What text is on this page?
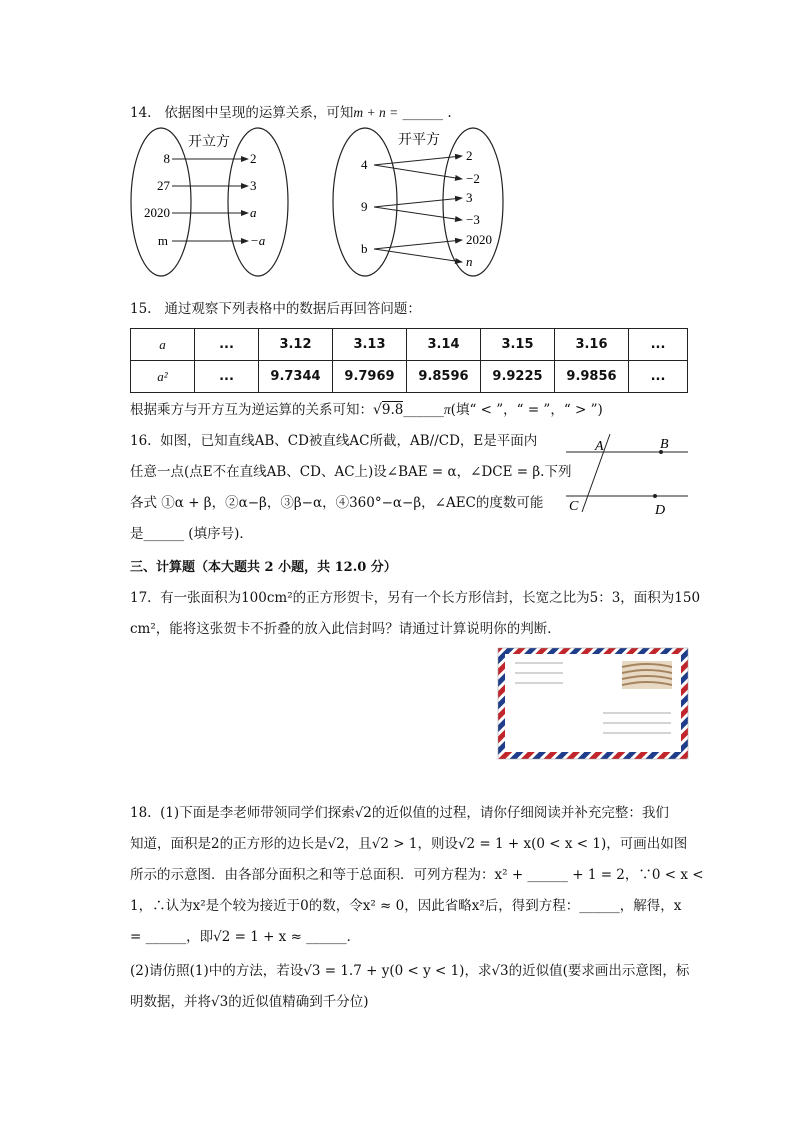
14. 依据图中呈现的运算关系，可知m + n = ______ .
开立方
8
27
2020
m
2
3
a
−a
开平方
4
9
b
2
−2
3
−3
2020
n
15. 通过观察下列表格中的数据后再回答问题：
a	...	3.12	3.13	3.14	3.15	3.16	...
a²	...	9.7344	9.7969	9.8596	9.9225	9.9856	...
根据乘方与开方互为逆运算的关系可知：√9.8______π(填“ < ”，“ = ”，“ > ”)
16. 如图，已知直线AB、CD被直线AC所截，AB//CD，E是平面内
任意一点(点E不在直线AB、CD、AC上)设∠BAE = α，∠DCE = β.下列
各式 ①α + β，②α−β，③β−α，④360°−α−β，∠AEC的度数可能
是______ (填序号)．
A	B
C	D
三、计算题（本大题共 2 小题，共 12.0 分）
17. 有一张面积为100cm²的正方形贺卡，另有一个长方形信封，长宽之比为5：3，面积为150
cm²，能将这张贺卡不折叠的放入此信封吗？请通过计算说明你的判断．
18. (1)下面是李老师带领同学们探索√2的近似值的过程，请你仔细阅读并补充完整：我们
知道，面积是2的正方形的边长是√2，且√2 > 1，则设√2 = 1 + x(0 < x < 1)，可画出如图
所示的示意图．由各部分面积之和等于总面积．可列方程为：x² + ______ + 1 = 2，∵0 < x <
1，∴认为x²是个较为接近于0的数，令x² ≈ 0，因此省略x²后，得到方程：______，解得，x
= ______，即√2 = 1 + x ≈ ______．
(2)请仿照(1)中的方法，若设√3 = 1.7 + y(0 < y < 1)，求√3的近似值(要求画出示意图，标
明数据，并将√3的近似值精确到千分位)
